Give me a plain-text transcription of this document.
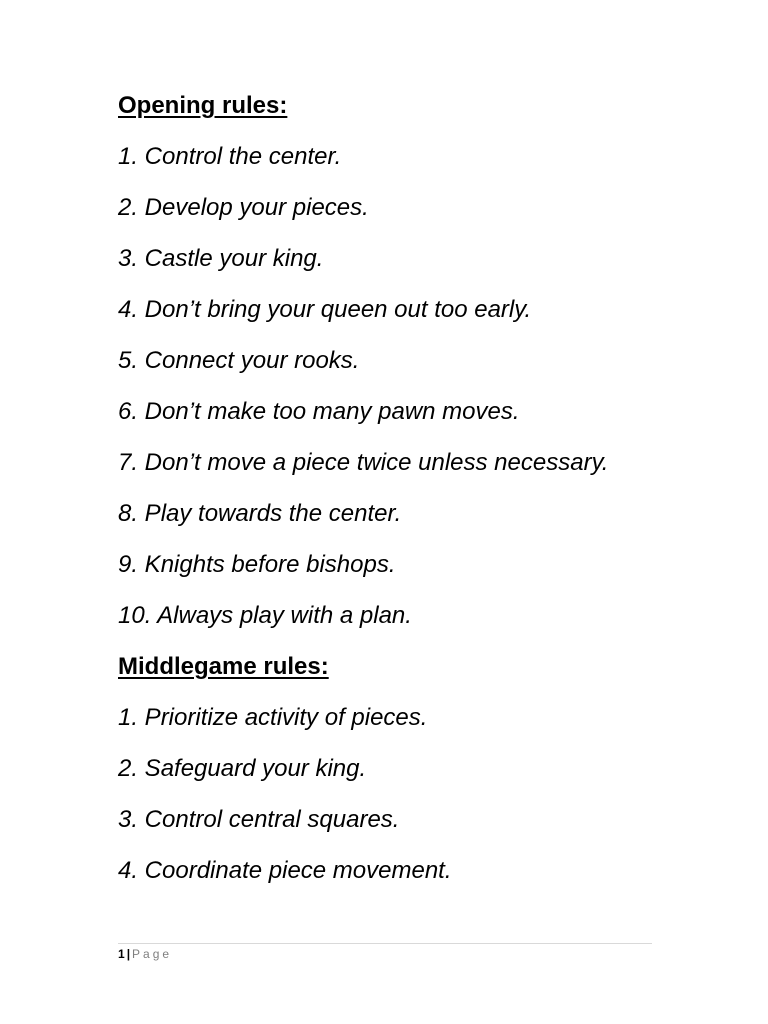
Opening rules:
1. Control the center.
2. Develop your pieces.
3. Castle your king.
4. Don’t bring your queen out too early.
5. Connect your rooks.
6. Don’t make too many pawn moves.
7. Don’t move a piece twice unless necessary.
8. Play towards the center.
9. Knights before bishops.
10. Always play with a plan.
Middlegame rules:
1. Prioritize activity of pieces.
2. Safeguard your king.
3. Control central squares.
4. Coordinate piece movement.
1 | Page
